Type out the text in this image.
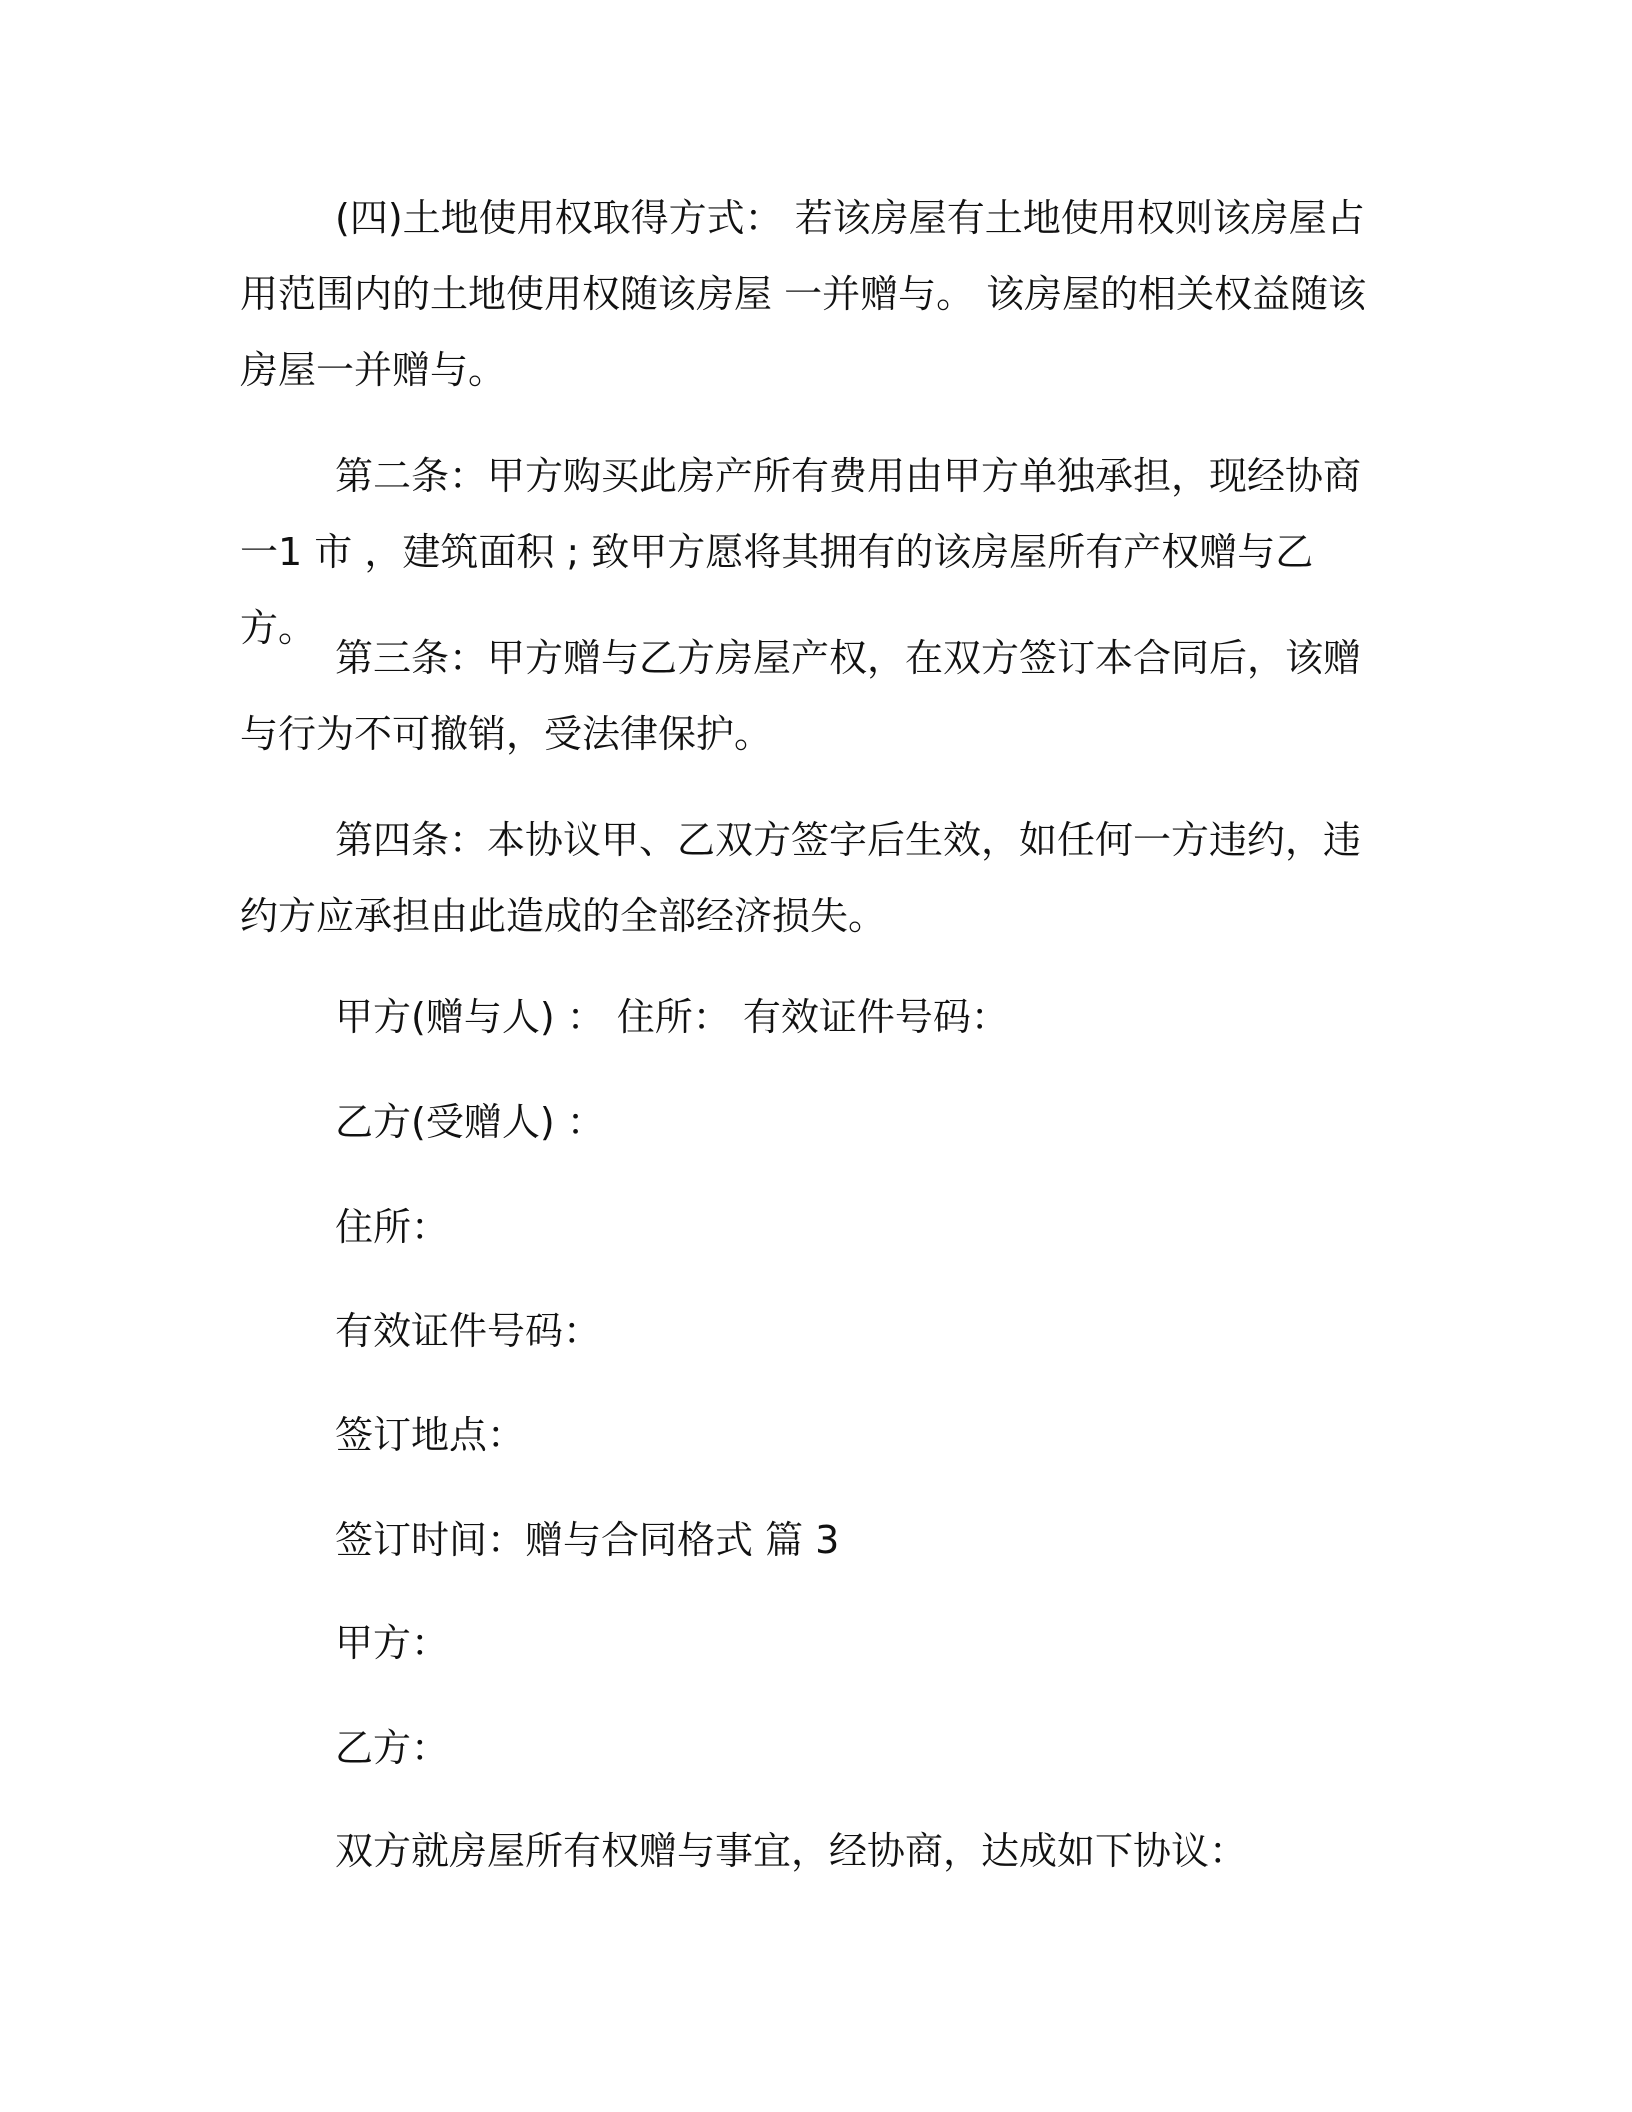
(四)土地使用权取得方式： 若该房屋有土地使用权则该房屋占用范围内的土地使用权随该房屋 一并赠与。 该房屋的相关权益随该房屋一并赠与。

第二条：甲方购买此房产所有费用由甲方单独承担，现经协商一1 市 ，建筑面积 ; 致甲方愿将其拥有的该房屋所有产权赠与乙方。

第三条：甲方赠与乙方房屋产权，在双方签订本合同后，该赠与行为不可撤销，受法律保护。

第四条：本协议甲、乙双方签字后生效，如任何一方违约，违约方应承担由此造成的全部经济损失。

甲方(赠与人) ： 住所： 有效证件号码：

乙方(受赠人) ：

住所：

有效证件号码：

签订地点：

签订时间：赠与合同格式 篇 3

甲方：

乙方：

双方就房屋所有权赠与事宜，经协商，达成如下协议：
